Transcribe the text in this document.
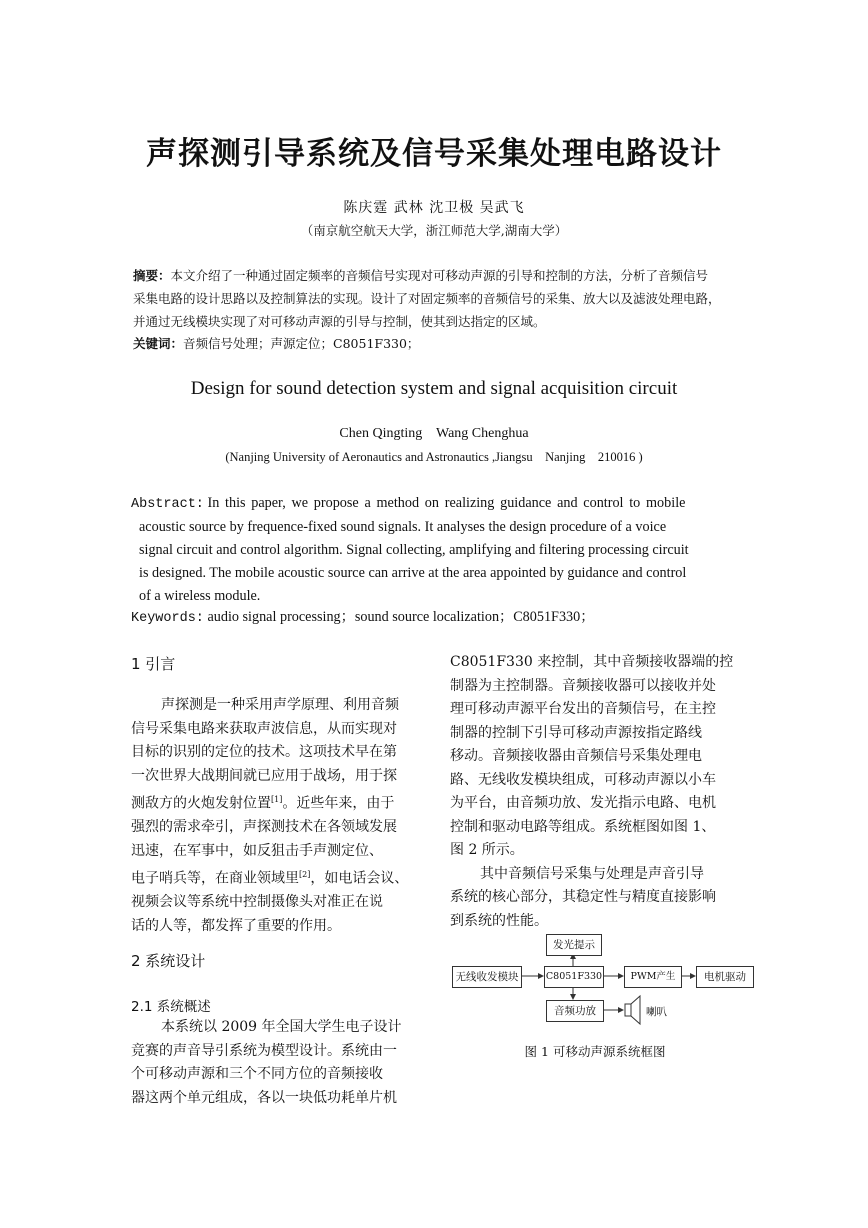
声探测引导系统及信号采集处理电路设计
陈庆霆 武林 沈卫极 吴武飞
（南京航空航天大学，浙江师范大学,湖南大学）
摘要：本文介绍了一种通过固定频率的音频信号实现对可移动声源的引导和控制的方法，分析了音频信号
采集电路的设计思路以及控制算法的实现。设计了对固定频率的音频信号的采集、放大以及滤波处理电路，
并通过无线模块实现了对可移动声源的引导与控制，使其到达指定的区域。
关键词：音频信号处理；声源定位；C8051F330；
Design for sound detection system and signal acquisition circuit
Chen Qingting    Wang Chenghua
(Nanjing University of Aeronautics and Astronautics ,Jiangsu    Nanjing    210016 )
Abstract: In this paper, we propose a method on realizing guidance and control to mobile
acoustic source by frequence-fixed sound signals. It analyses the design procedure of a voice
signal circuit and control algorithm. Signal collecting, amplifying and filtering processing circuit
is designed. The mobile acoustic source can arrive at the area appointed by guidance and control
of a wireless module.
Keywords: audio signal processing；sound source localization；C8051F330；
1 引言
声探测是一种采用声学原理、利用音频
信号采集电路来获取声波信息，从而实现对
目标的识别的定位的技术。这项技术早在第
一次世界大战期间就已应用于战场，用于探
测敌方的火炮发射位置[1]。近些年来，由于
强烈的需求牵引，声探测技术在各领域发展
迅速，在军事中，如反狙击手声测定位、
电子哨兵等，在商业领域里[2]，如电话会议、
视频会议等系统中控制摄像头对准正在说
话的人等，都发挥了重要的作用。
2 系统设计
2.1 系统概述
本系统以 2009 年全国大学生电子设计
竞赛的声音导引系统为模型设计。系统由一
个可移动声源和三个不同方位的音频接收
器这两个单元组成，各以一块低功耗单片机
C8051F330 来控制，其中音频接收器端的控
制器为主控制器。音频接收器可以接收并处
理可移动声源平台发出的音频信号，在主控
制器的控制下引导可移动声源按指定路线
移动。音频接收器由音频信号采集处理电
路、无线收发模块组成，可移动声源以小车
为平台，由音频功放、发光指示电路、电机
控制和驱动电路等组成。系统框图如图 1、
图 2 所示。
其中音频信号采集与处理是声音引导
系统的核心部分，其稳定性与精度直接影响
到系统的性能。
发光提示
无线收发模块	C8051F330	PWM产生	电机驱动
音频功放	喇叭
图 1 可移动声源系统框图
